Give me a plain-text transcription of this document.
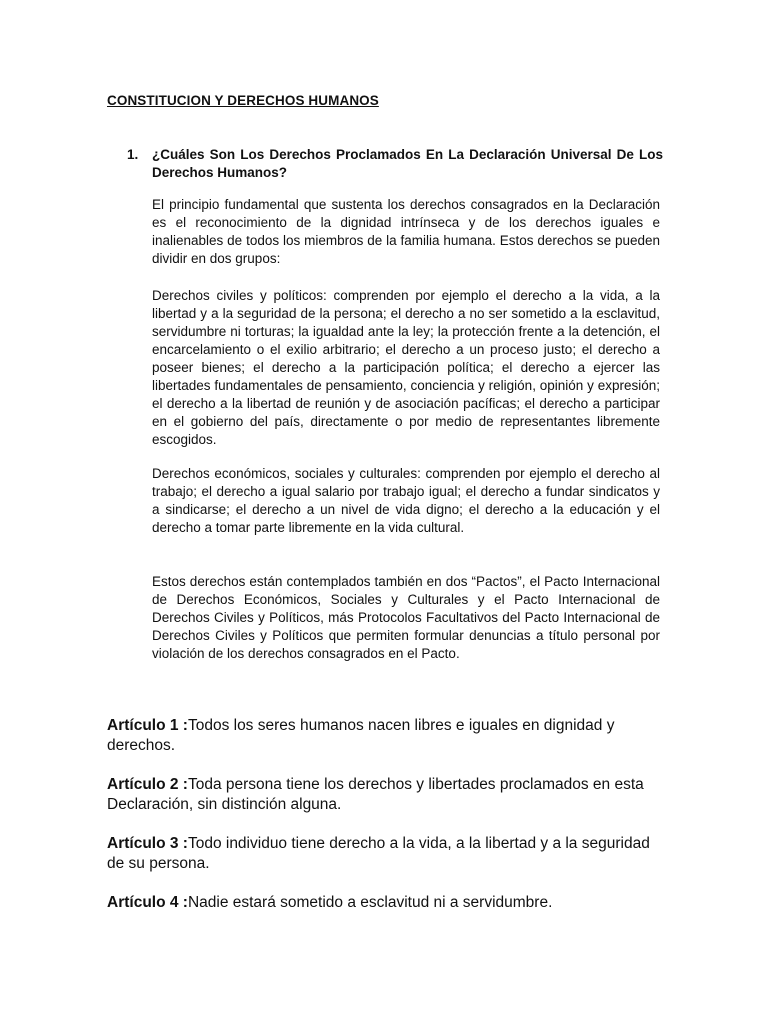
CONSTITUCION Y DERECHOS HUMANOS
1. ¿Cuáles Son Los Derechos Proclamados En La Declaración Universal De Los Derechos Humanos?
El principio fundamental que sustenta los derechos consagrados en la Declaración es el reconocimiento de la dignidad intrínseca y de los derechos iguales e inalienables de todos los miembros de la familia humana. Estos derechos se pueden dividir en dos grupos:
Derechos civiles y políticos: comprenden por ejemplo el derecho a la vida, a la libertad y a la seguridad de la persona; el derecho a no ser sometido a la esclavitud, servidumbre ni torturas; la igualdad ante la ley; la protección frente a la detención, el encarcelamiento o el exilio arbitrario; el derecho a un proceso justo; el derecho a poseer bienes; el derecho a la participación política; el derecho a ejercer las libertades fundamentales de pensamiento, conciencia y religión, opinión y expresión; el derecho a la libertad de reunión y de asociación pacíficas; el derecho a participar en el gobierno del país, directamente o por medio de representantes libremente escogidos.
Derechos económicos, sociales y culturales: comprenden por ejemplo el derecho al trabajo; el derecho a igual salario por trabajo igual; el derecho a fundar sindicatos y a sindicarse; el derecho a un nivel de vida digno; el derecho a la educación y el derecho a tomar parte libremente en la vida cultural.
Estos derechos están contemplados también en dos “Pactos”, el Pacto Internacional de Derechos Económicos, Sociales y Culturales y el Pacto Internacional de Derechos Civiles y Políticos, más Protocolos Facultativos del Pacto Internacional de Derechos Civiles y Políticos que permiten formular denuncias a título personal por violación de los derechos consagrados en el Pacto.
Artículo 1 :Todos los seres humanos nacen libres e iguales en dignidad y derechos.
Artículo 2 :Toda persona tiene los derechos y libertades proclamados en esta Declaración, sin distinción alguna.
Artículo 3 :Todo individuo tiene derecho a la vida, a la libertad y a la seguridad de su persona.
Artículo 4 :Nadie estará sometido a esclavitud ni a servidumbre.
